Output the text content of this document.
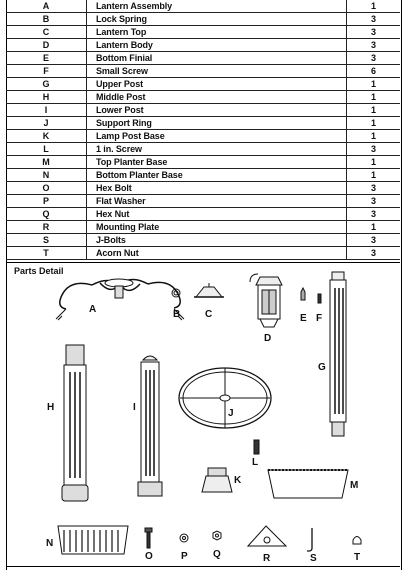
A	Lantern Assembly	1
B	Lock Spring	3
C	Lantern Top	3
D	Lantern Body	3
E	Bottom Finial	3
F	Small Screw	6
G	Upper Post	1
H	Middle Post	1
I	Lower Post	1
J	Support Ring	1
K	Lamp Post Base	1
L	1 in. Screw	3
M	Top Planter Base	1
N	Bottom Planter Base	1
O	Hex Bolt	3
P	Flat Washer	3
Q	Hex Nut	3
R	Mounting Plate	1
S	J-Bolts	3
T	Acorn Nut	3
Parts Detail
A	B C
D
E F
G
H	I
J
K
L
M
N
O	P	Q	R	S	T
